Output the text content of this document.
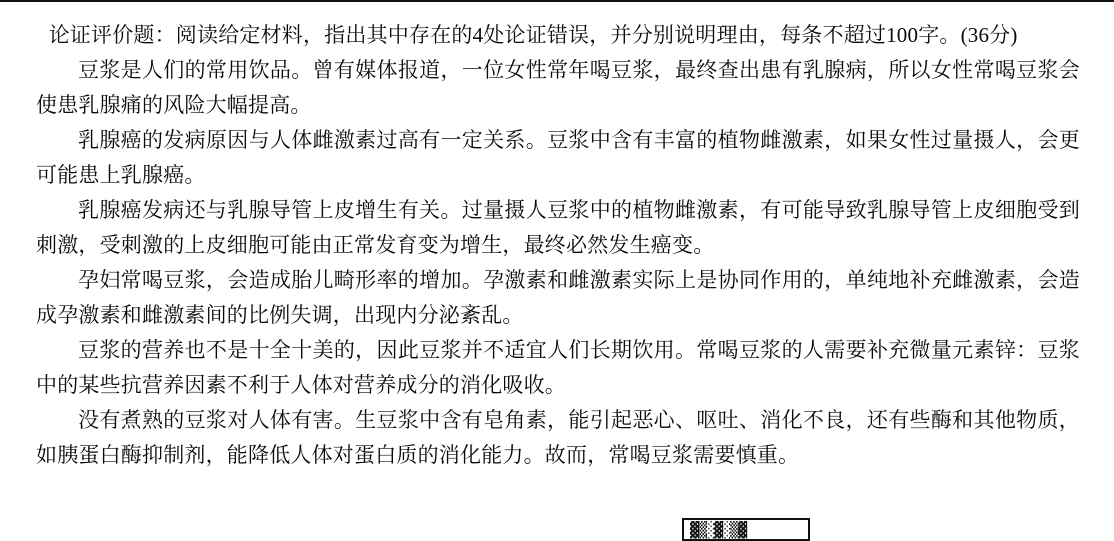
论证评价题：阅读给定材料，指出其中存在的4处论证错误，并分别说明理由，每条不超过100字。(36分)

豆浆是人们的常用饮品。曾有媒体报道，一位女性常年喝豆浆，最终查出患有乳腺病，所以女性常喝豆浆会使患乳腺痛的风险大幅提高。

乳腺癌的发病原因与人体雌激素过高有一定关系。豆浆中含有丰富的植物雌激素，如果女性过量摄人，会更可能患上乳腺癌。

乳腺癌发病还与乳腺导管上皮增生有关。过量摄人豆浆中的植物雌激素，有可能导致乳腺导管上皮细胞受到刺激，受刺激的上皮细胞可能由正常发育变为增生，最终必然发生癌变。

孕妇常喝豆浆，会造成胎儿畸形率的增加。孕激素和雌激素实际上是协同作用的，单纯地补充雌激素，会造成孕激素和雌激素间的比例失调，出现内分泌紊乱。

豆浆的营养也不是十全十美的，因此豆浆并不适宜人们长期饮用。常喝豆浆的人需要补充微量元素锌：豆浆中的某些抗营养因素不利于人体对营养成分的消化吸收。

没有煮熟的豆浆对人体有害。生豆浆中含有皂角素，能引起恶心、呕吐、消化不良，还有些酶和其他物质，如胰蛋白酶抑制剂，能降低人体对蛋白质的消化能力。故而，常喝豆浆需要慎重。

▓▒░▓░▒▓
